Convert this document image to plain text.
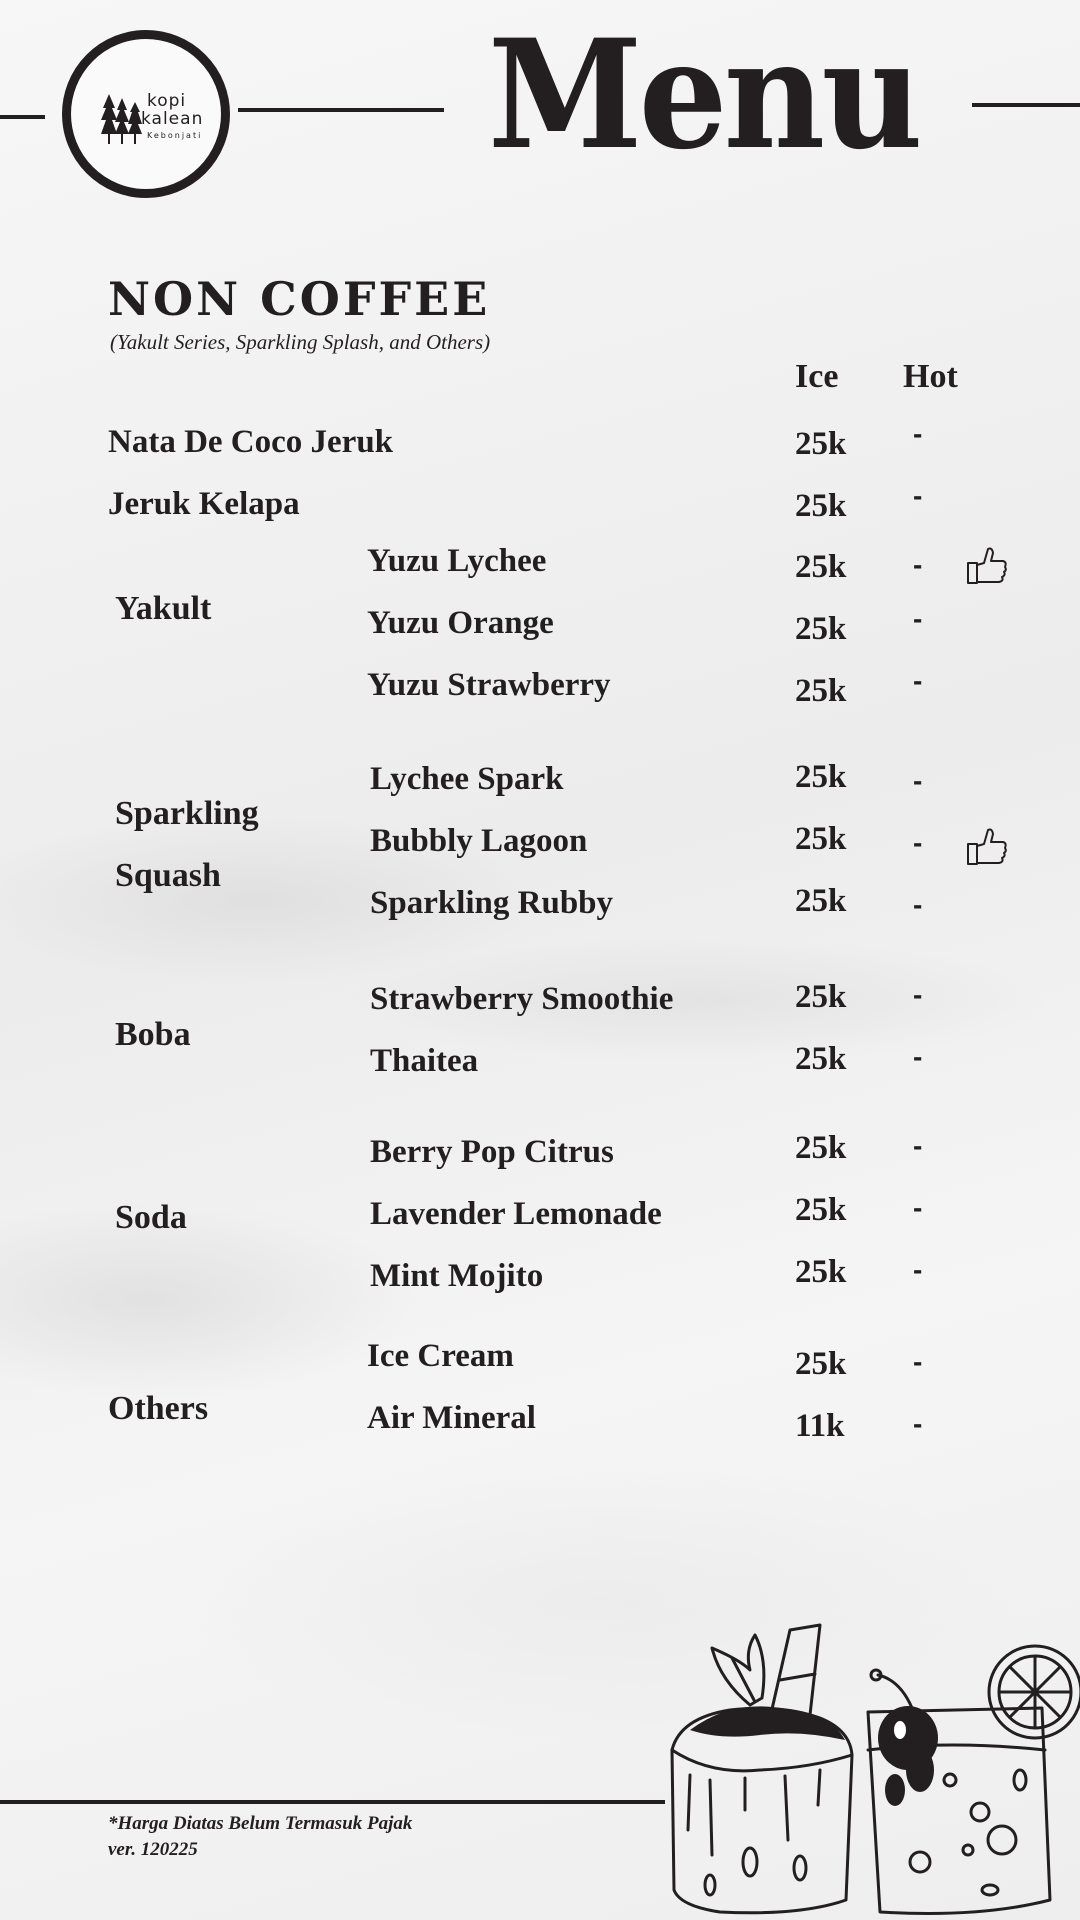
kopi
kalean
Kebonjati Menu
NON COFFEE
(Yakult Series, Sparkling Splash, and Others)
Ice Hot
Nata De Coco Jeruk	25k -
Jeruk Kelapa	25k -
Yakult
Yuzu Lychee	25k -
Yuzu Orange	25k -
Yuzu Strawberry	25k -
Sparkling
Squash
Lychee Spark	25k -
Bubbly Lagoon	25k -
Sparkling Rubby	25k -
Boba
Strawberry Smoothie	25k -
Thaitea	25k -
Soda
Berry Pop Citrus	25k -
Lavender Lemonade	25k -
Mint Mojito	25k -
Others
Ice Cream	25k -
Air Mineral	11k -
*Harga Diatas Belum Termasuk Pajak
ver. 120225
